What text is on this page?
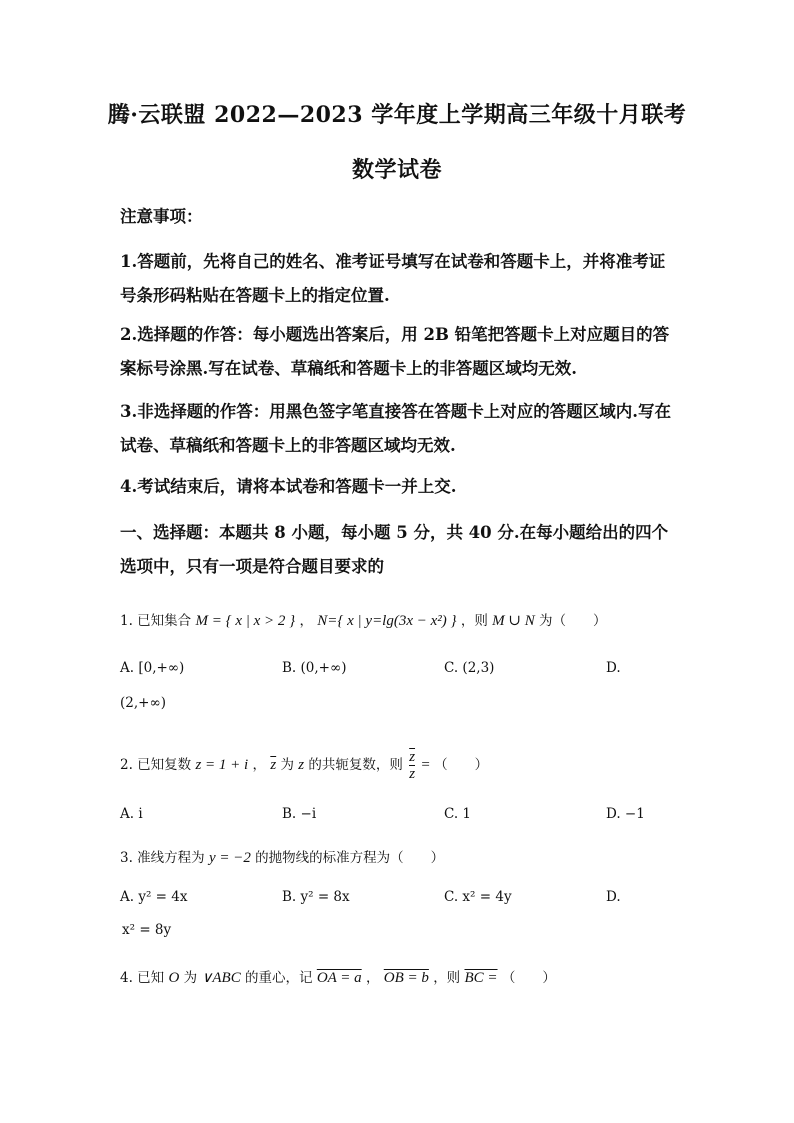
腾·云联盟 2022—2023 学年度上学期高三年级十月联考
数学试卷
注意事项：
1.答题前，先将自己的姓名、准考证号填写在试卷和答题卡上，并将准考证号条形码粘贴在答题卡上的指定位置.
2.选择题的作答：每小题选出答案后，用 2B 铅笔把答题卡上对应题目的答案标号涂黑.写在试卷、草稿纸和答题卡上的非答题区域均无效.
3.非选择题的作答：用黑色签字笔直接答在答题卡上对应的答题区域内.写在试卷、草稿纸和答题卡上的非答题区域均无效.
4.考试结束后，请将本试卷和答题卡一并上交.
一、选择题：本题共 8 小题，每小题 5 分，共 40 分.在每小题给出的四个选项中，只有一项是符合题目要求的
1. 已知集合 M = { x | x > 2 } ， N={ x | y=lg(3x − x²) } ，则 M ∪ N 为（　　）
A. [0,+∞)	B. (0,+∞)	C. (2,3)	D.
(2,+∞)
2. 已知复数 z = 1 + i ， $\overline{z}$ 为 z 的共轭复数，则 $\frac{\overline{z}}{z}$ = （　　）
A. i	B. −i	C. 1	D. −1
3. 准线方程为 y = −2 的抛物线的标准方程为（　　）
A. y² = 4x	B. y² = 8x	C. x² = 4y	D.
x² = 8y
4. 已知 O 为 ∨ABC 的重心，记 OA = a ， OB = b ，则 BC = （　　）
